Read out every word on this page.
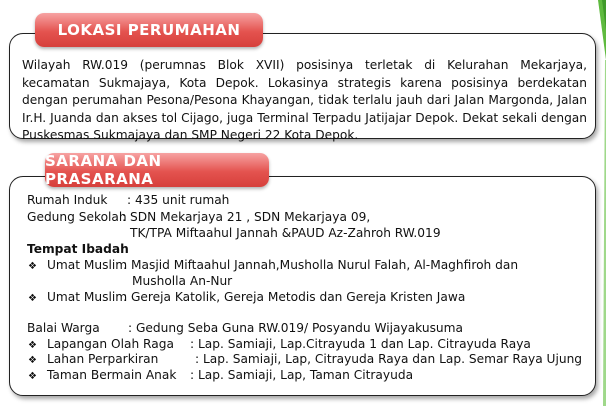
LOKASI PERUMAHAN
Wilayah RW.019 (perumnas Blok XVII) posisinya terletak di Kelurahan Mekarjaya, kecamatan Sukmajaya, Kota Depok. Lokasinya strategis karena posisinya berdekatan dengan perumahan Pesona/Pesona Khayangan, tidak terlalu jauh dari Jalan Margonda, Jalan Ir.H. Juanda dan akses tol Cijago, juga Terminal Terpadu Jatijajar Depok. Dekat sekali dengan Puskesmas Sukmajaya dan SMP Negeri 22 Kota Depok.
SARANA DAN PRASARANA
Rumah Induk : 435 unit rumah
Gedung Sekolah
: SDN Mekarjaya 21 , SDN Mekarjaya 09,
TK/TPA Miftaahul Jannah &PAUD Az-Zahroh RW.019
Tempat Ibadah
❖ Umat Muslim
: Masjid Miftaahul Jannah,Musholla Nurul Falah, Al-Maghfiroh dan
Musholla An-Nur
❖ Umat Muslim
: Gereja Katolik, Gereja Metodis dan Gereja Kristen Jawa
Balai Warga : Gedung Seba Guna RW.019/ Posyandu Wijayakusuma
❖ Lapangan Olah Raga : Lap. Samiaji, Lap.Citrayuda 1 dan Lap. Citrayuda Raya
❖ Lahan Perparkiran	: Lap. Samiaji, Lap, Citrayuda Raya dan Lap. Semar Raya Ujung
❖ Taman Bermain Anak : Lap. Samiaji, Lap, Taman Citrayuda
